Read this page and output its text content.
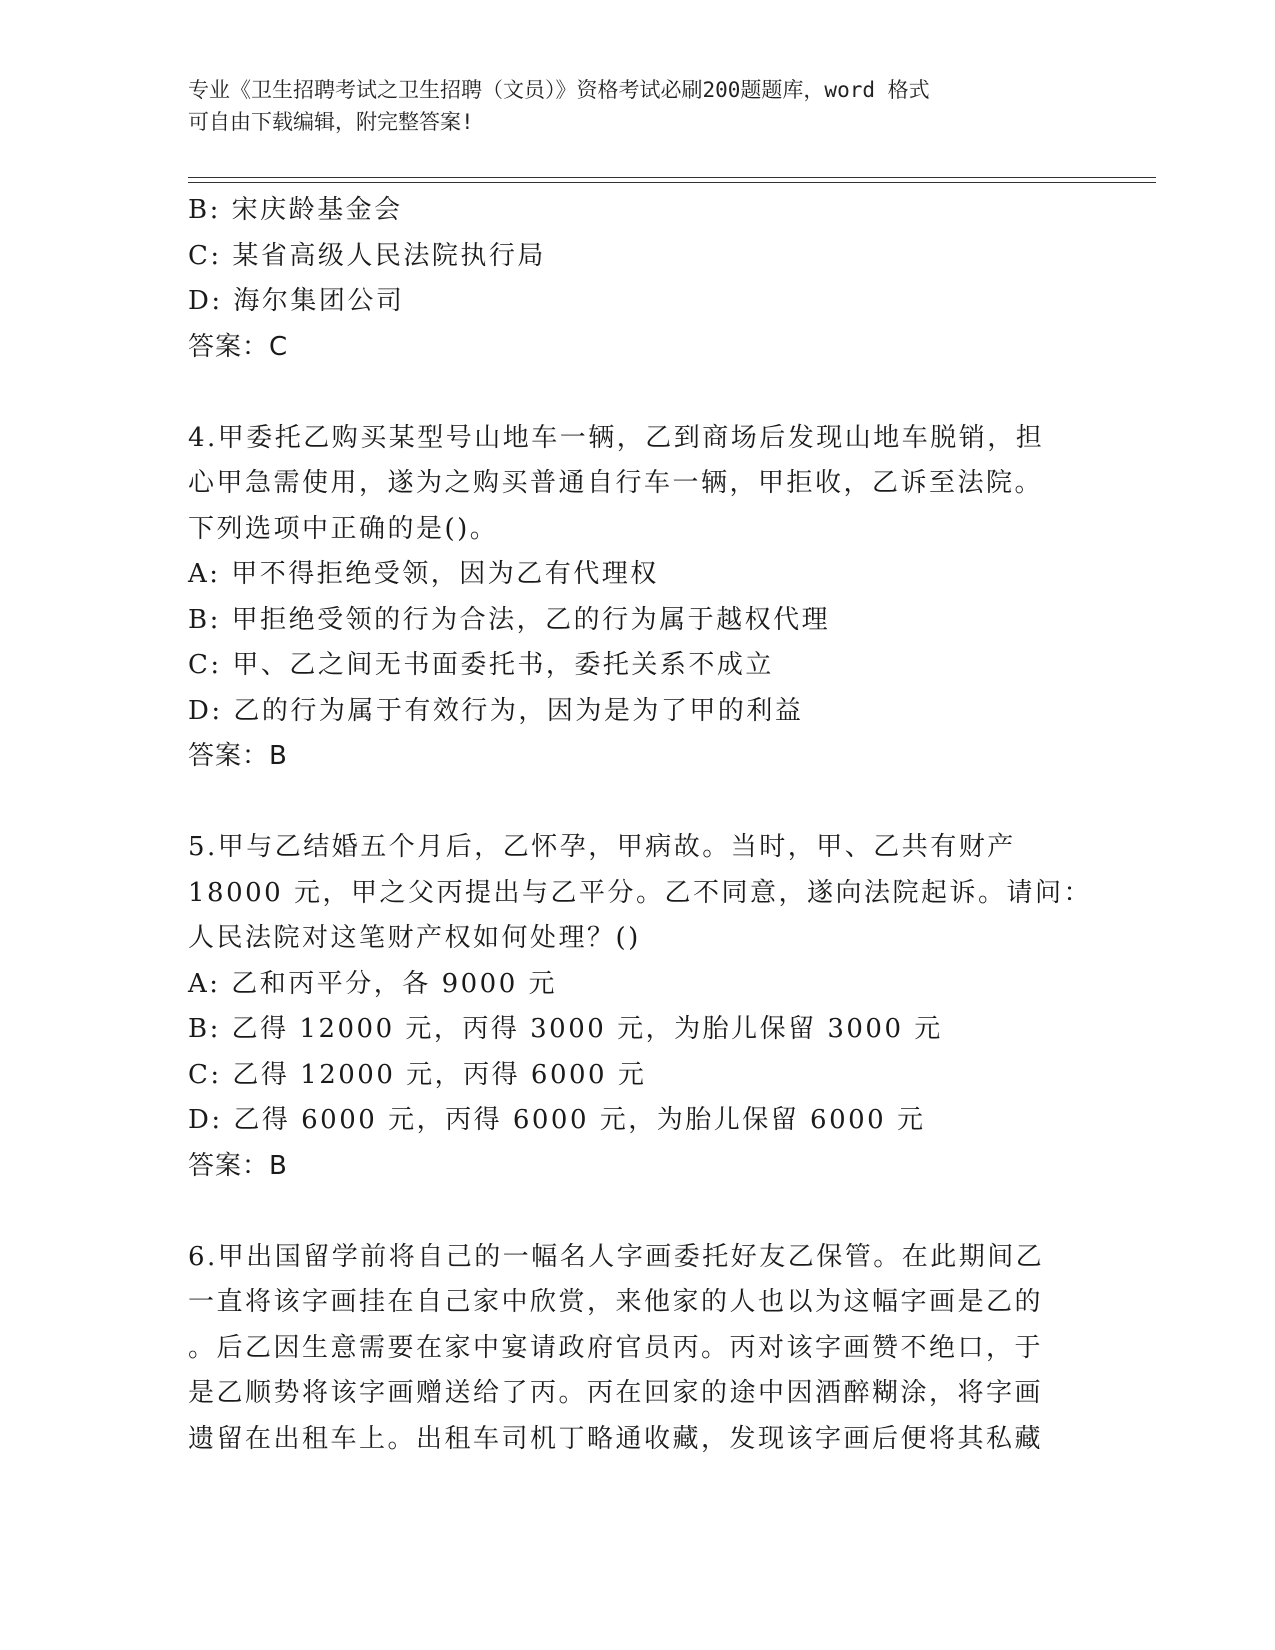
专业《卫生招聘考试之卫生招聘（文员）》资格考试必刷200题题库，word 格式
可自由下载编辑，附完整答案!
B: 宋庆龄基金会
C: 某省高级人民法院执行局
D: 海尔集团公司
答案：C
4.甲委托乙购买某型号山地车一辆，乙到商场后发现山地车脱销，担
心甲急需使用，遂为之购买普通自行车一辆，甲拒收，乙诉至法院。
下列选项中正确的是()。
A: 甲不得拒绝受领，因为乙有代理权
B: 甲拒绝受领的行为合法，乙的行为属于越权代理
C: 甲、乙之间无书面委托书，委托关系不成立
D: 乙的行为属于有效行为，因为是为了甲的利益
答案：B
5.甲与乙结婚五个月后，乙怀孕，甲病故。当时，甲、乙共有财产
18000 元，甲之父丙提出与乙平分。乙不同意，遂向法院起诉。请问：
人民法院对这笔财产权如何处理？()
A: 乙和丙平分，各 9000 元
B: 乙得 12000 元，丙得 3000 元，为胎儿保留 3000 元
C: 乙得 12000 元，丙得 6000 元
D: 乙得 6000 元，丙得 6000 元，为胎儿保留 6000 元
答案：B
6.甲出国留学前将自己的一幅名人字画委托好友乙保管。在此期间乙
一直将该字画挂在自己家中欣赏，来他家的人也以为这幅字画是乙的
。后乙因生意需要在家中宴请政府官员丙。丙对该字画赞不绝口，于
是乙顺势将该字画赠送给了丙。丙在回家的途中因酒醉糊涂，将字画
遗留在出租车上。出租车司机丁略通收藏，发现该字画后便将其私藏
